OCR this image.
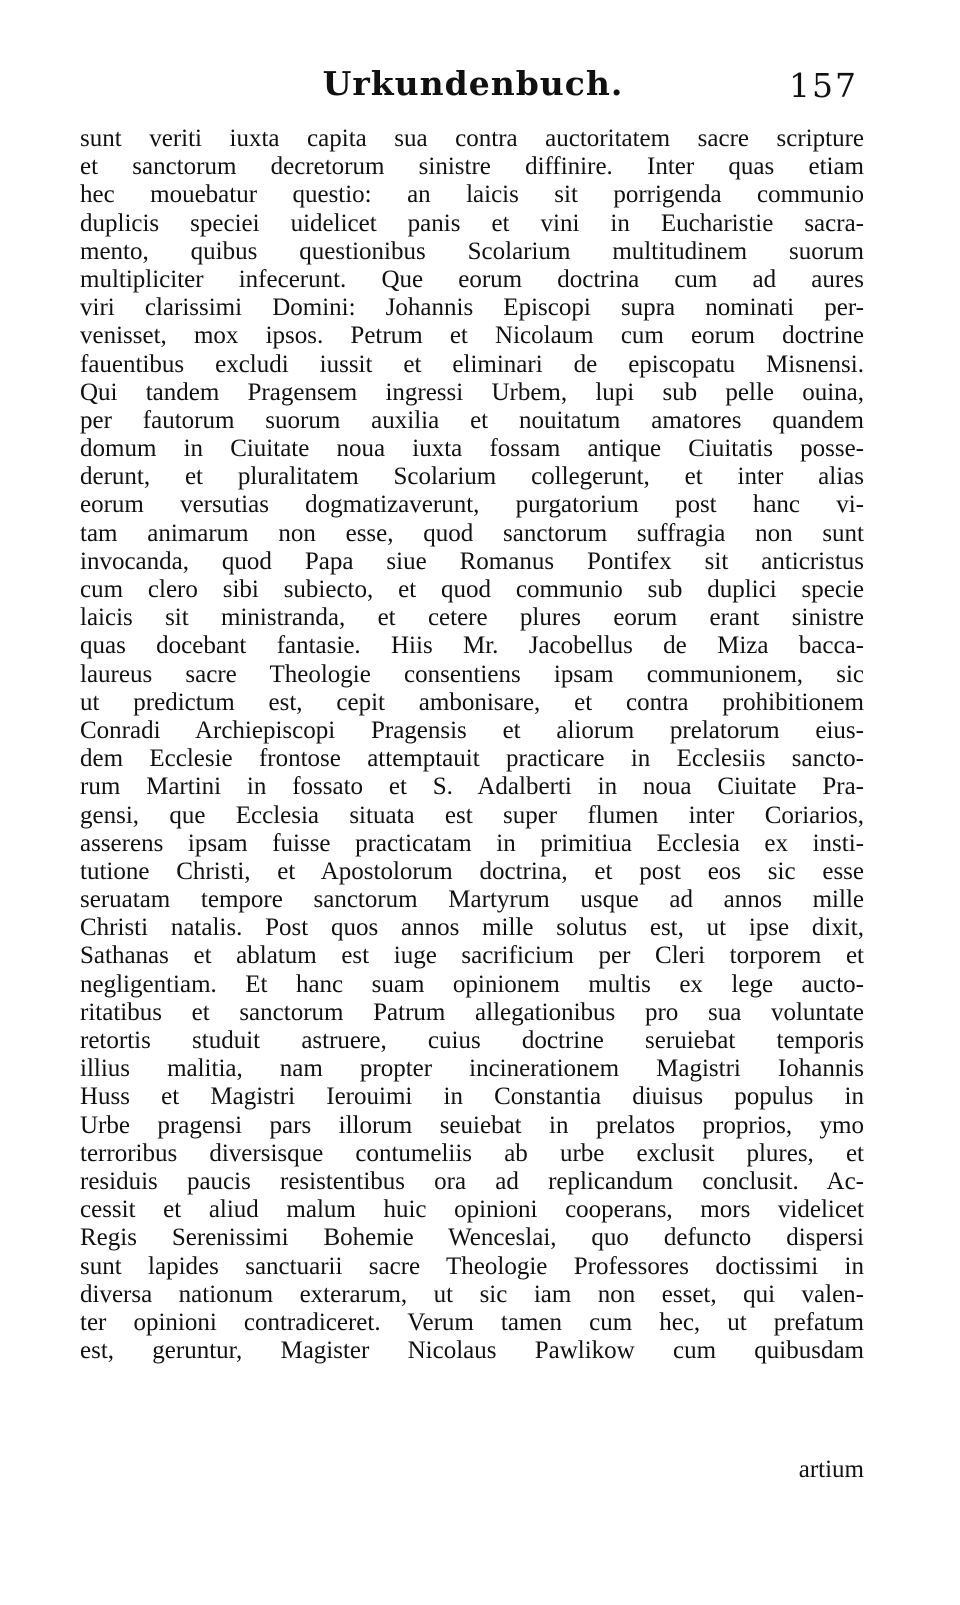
Urkundenbuch.	157
sunt veriti iuxta capita sua contra auctoritatem sacre scripture
et sanctorum decretorum sinistre diffinire. Inter quas etiam
hec mouebatur questio: an laicis sit porrigenda communio
duplicis speciei uidelicet panis et vini in Eucharistie sacra-
mento, quibus questionibus Scolarium multitudinem suorum
multipliciter infecerunt. Que eorum doctrina cum ad aures
viri clarissimi Domini: Johannis Episcopi supra nominati per-
venisset, mox ipsos. Petrum et Nicolaum cum eorum doctrine
fauentibus excludi iussit et eliminari de episcopatu Misnensi.
Qui tandem Pragensem ingressi Urbem, lupi sub pelle ouina,
per fautorum suorum auxilia et nouitatum amatores quandem
domum in Ciuitate noua iuxta fossam antique Ciuitatis posse-
derunt, et pluralitatem Scolarium collegerunt, et inter alias
eorum versutias dogmatizaverunt, purgatorium post hanc vi-
tam animarum non esse, quod sanctorum suffragia non sunt
invocanda, quod Papa siue Romanus Pontifex sit anticristus
cum clero sibi subiecto, et quod communio sub duplici specie
laicis sit ministranda, et cetere plures eorum erant sinistre
quas docebant fantasie. Hiis Mr. Jacobellus de Miza bacca-
laureus sacre Theologie consentiens ipsam communionem, sic
ut predictum est, cepit ambonisare, et contra prohibitionem
Conradi Archiepiscopi Pragensis et aliorum prelatorum eius-
dem Ecclesie frontose attemptauit practicare in Ecclesiis sancto-
rum Martini in fossato et S. Adalberti in noua Ciuitate Pra-
gensi, que Ecclesia situata est super flumen inter Coriarios,
asserens ipsam fuisse practicatam in primitiua Ecclesia ex insti-
tutione Christi, et Apostolorum doctrina, et post eos sic esse
seruatam tempore sanctorum Martyrum usque ad annos mille
Christi natalis. Post quos annos mille solutus est, ut ipse dixit,
Sathanas et ablatum est iuge sacrificium per Cleri torporem et
negligentiam. Et hanc suam opinionem multis ex lege aucto-
ritatibus et sanctorum Patrum allegationibus pro sua voluntate
retortis studuit astruere, cuius doctrine seruiebat temporis
illius malitia, nam propter incinerationem Magistri Iohannis
Huss et Magistri Ierouimi in Constantia diuisus populus in
Urbe pragensi pars illorum seuiebat in prelatos proprios, ymo
terroribus diversisque contumeliis ab urbe exclusit plures, et
residuis paucis resistentibus ora ad replicandum conclusit. Ac-
cessit et aliud malum huic opinioni cooperans, mors videlicet
Regis Serenissimi Bohemie Wenceslai, quo defuncto dispersi
sunt lapides sanctuarii sacre Theologie Professores doctissimi in
diversa nationum exterarum, ut sic iam non esset, qui valen-
ter opinioni contradiceret. Verum tamen cum hec, ut prefatum
est, geruntur, Magister Nicolaus Pawlikow cum quibusdam
artium
